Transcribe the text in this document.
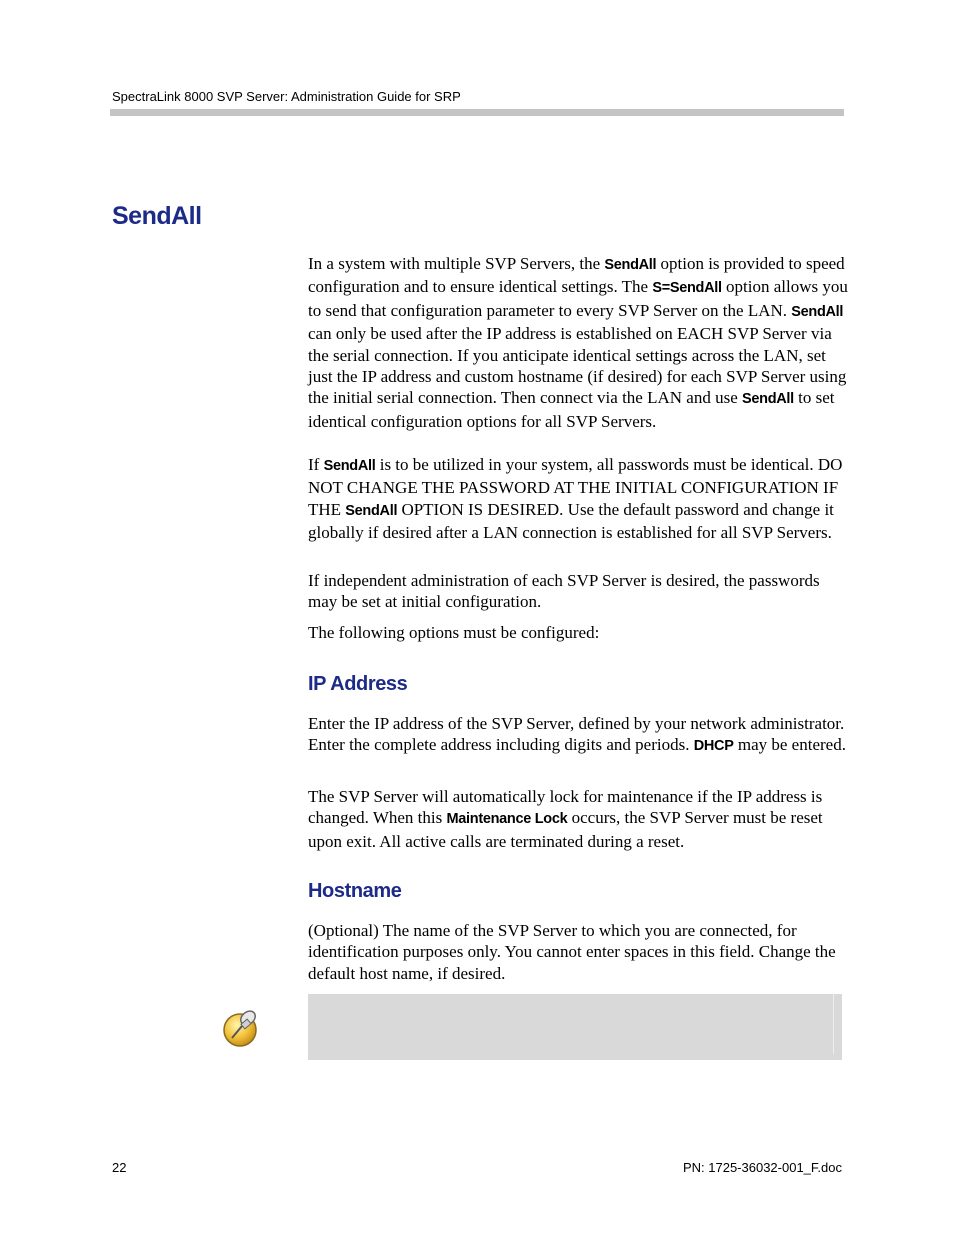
SpectraLink 8000 SVP Server: Administration Guide for SRP
SendAll

In a system with multiple SVP Servers, the SendAll option is provided to speed configuration and to ensure identical settings. The S=SendAll option allows you to send that configuration parameter to every SVP Server on the LAN. SendAll can only be used after the IP address is established on EACH SVP Server via the serial connection. If you anticipate identical settings across the LAN, set just the IP address and custom hostname (if desired) for each SVP Server using the initial serial connection. Then connect via the LAN and use SendAll to set identical configuration options for all SVP Servers.

If SendAll is to be utilized in your system, all passwords must be identical. DO NOT CHANGE THE PASSWORD AT THE INITIAL CONFIGURATION IF THE SendAll OPTION IS DESIRED. Use the default password and change it globally if desired after a LAN connection is established for all SVP Servers.

If independent administration of each SVP Server is desired, the passwords may be set at initial configuration.

The following options must be configured:

IP Address

Enter the IP address of the SVP Server, defined by your network administrator. Enter the complete address including digits and periods. DHCP may be entered.

The SVP Server will automatically lock for maintenance if the IP address is changed. When this Maintenance Lock occurs, the SVP Server must be reset upon exit. All active calls are terminated during a reset.

Hostname

(Optional) The name of the SVP Server to which you are connected, for identification purposes only. You cannot enter spaces in this field. Change the default host name, if desired.

22	PN: 1725-36032-001_F.doc
